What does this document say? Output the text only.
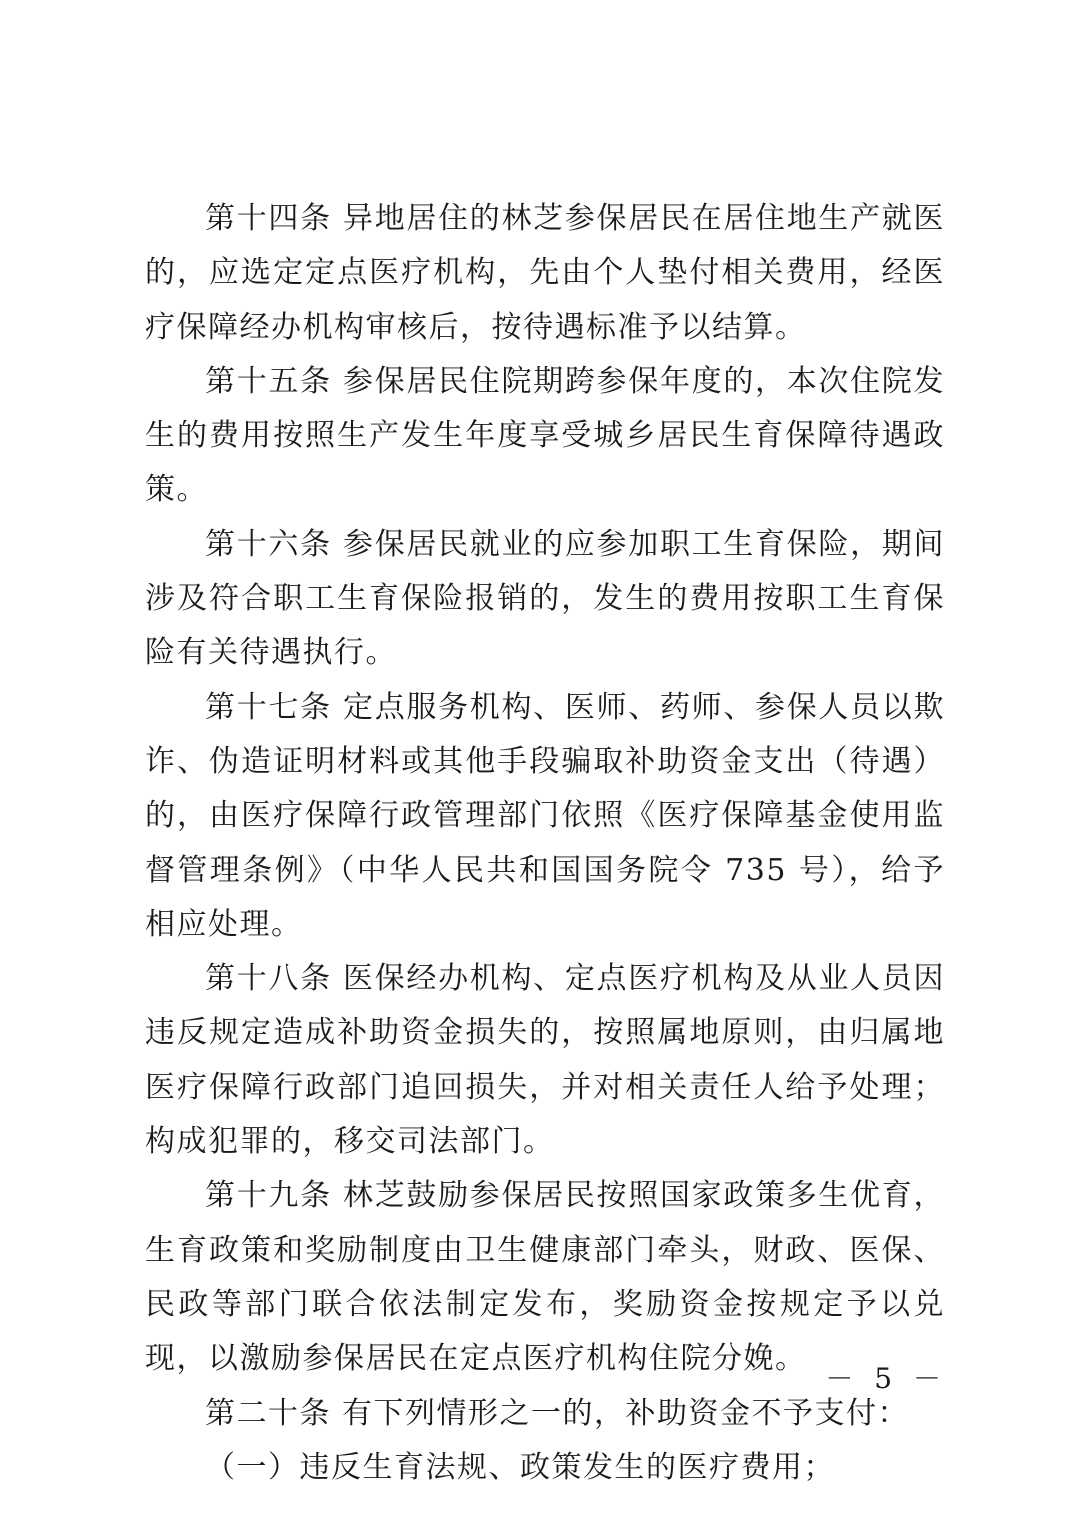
第十四条 异地居住的林芝参保居民在居住地生产就医的，应选定定点医疗机构，先由个人垫付相关费用，经医疗保障经办机构审核后，按待遇标准予以结算。

第十五条 参保居民住院期跨参保年度的，本次住院发生的费用按照生产发生年度享受城乡居民生育保障待遇政策。

第十六条 参保居民就业的应参加职工生育保险，期间涉及符合职工生育保险报销的，发生的费用按职工生育保险有关待遇执行。

第十七条 定点服务机构、医师、药师、参保人员以欺诈、伪造证明材料或其他手段骗取补助资金支出（待遇）的，由医疗保障行政管理部门依照《医疗保障基金使用监督管理条例》（中华人民共和国国务院令 735 号），给予相应处理。

第十八条 医保经办机构、定点医疗机构及从业人员因违反规定造成补助资金损失的，按照属地原则，由归属地医疗保障行政部门追回损失，并对相关责任人给予处理；构成犯罪的，移交司法部门。

第十九条 林芝鼓励参保居民按照国家政策多生优育，生育政策和奖励制度由卫生健康部门牵头，财政、医保、民政等部门联合依法制定发布，奖励资金按规定予以兑现，以激励参保居民在定点医疗机构住院分娩。

第二十条 有下列情形之一的，补助资金不予支付：

（一）违反生育法规、政策发生的医疗费用；

－ 5 －
